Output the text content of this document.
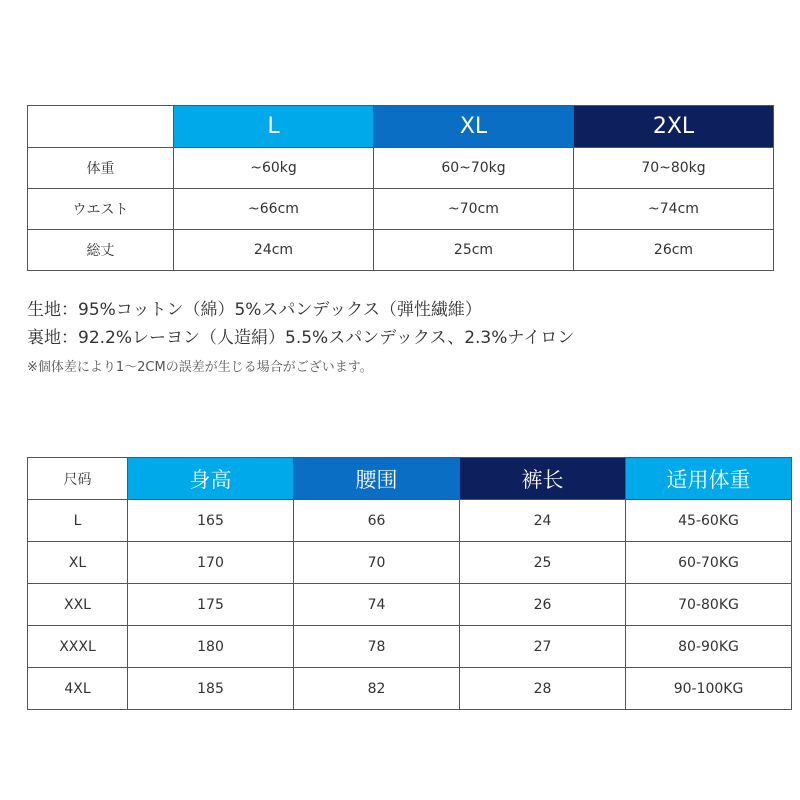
	L	XL	2XL
体重	~60kg	60~70kg	70~80kg
ウエスト	~66cm	~70cm	~74cm
総丈	24cm	25cm	26cm
生地：95%コットン（綿）5%スパンデックス（弾性繊維）
裏地：92.2%レーヨン（人造絹）5.5%スパンデックス、2.3%ナイロン
※個体差により1〜2CMの誤差が生じる場合がございます。
尺码	身高	腰围	裤长	适用体重
L	165	66	24	45-60KG
XL	170	70	25	60-70KG
XXL	175	74	26	70-80KG
XXXL	180	78	27	80-90KG
4XL	185	82	28	90-100KG
